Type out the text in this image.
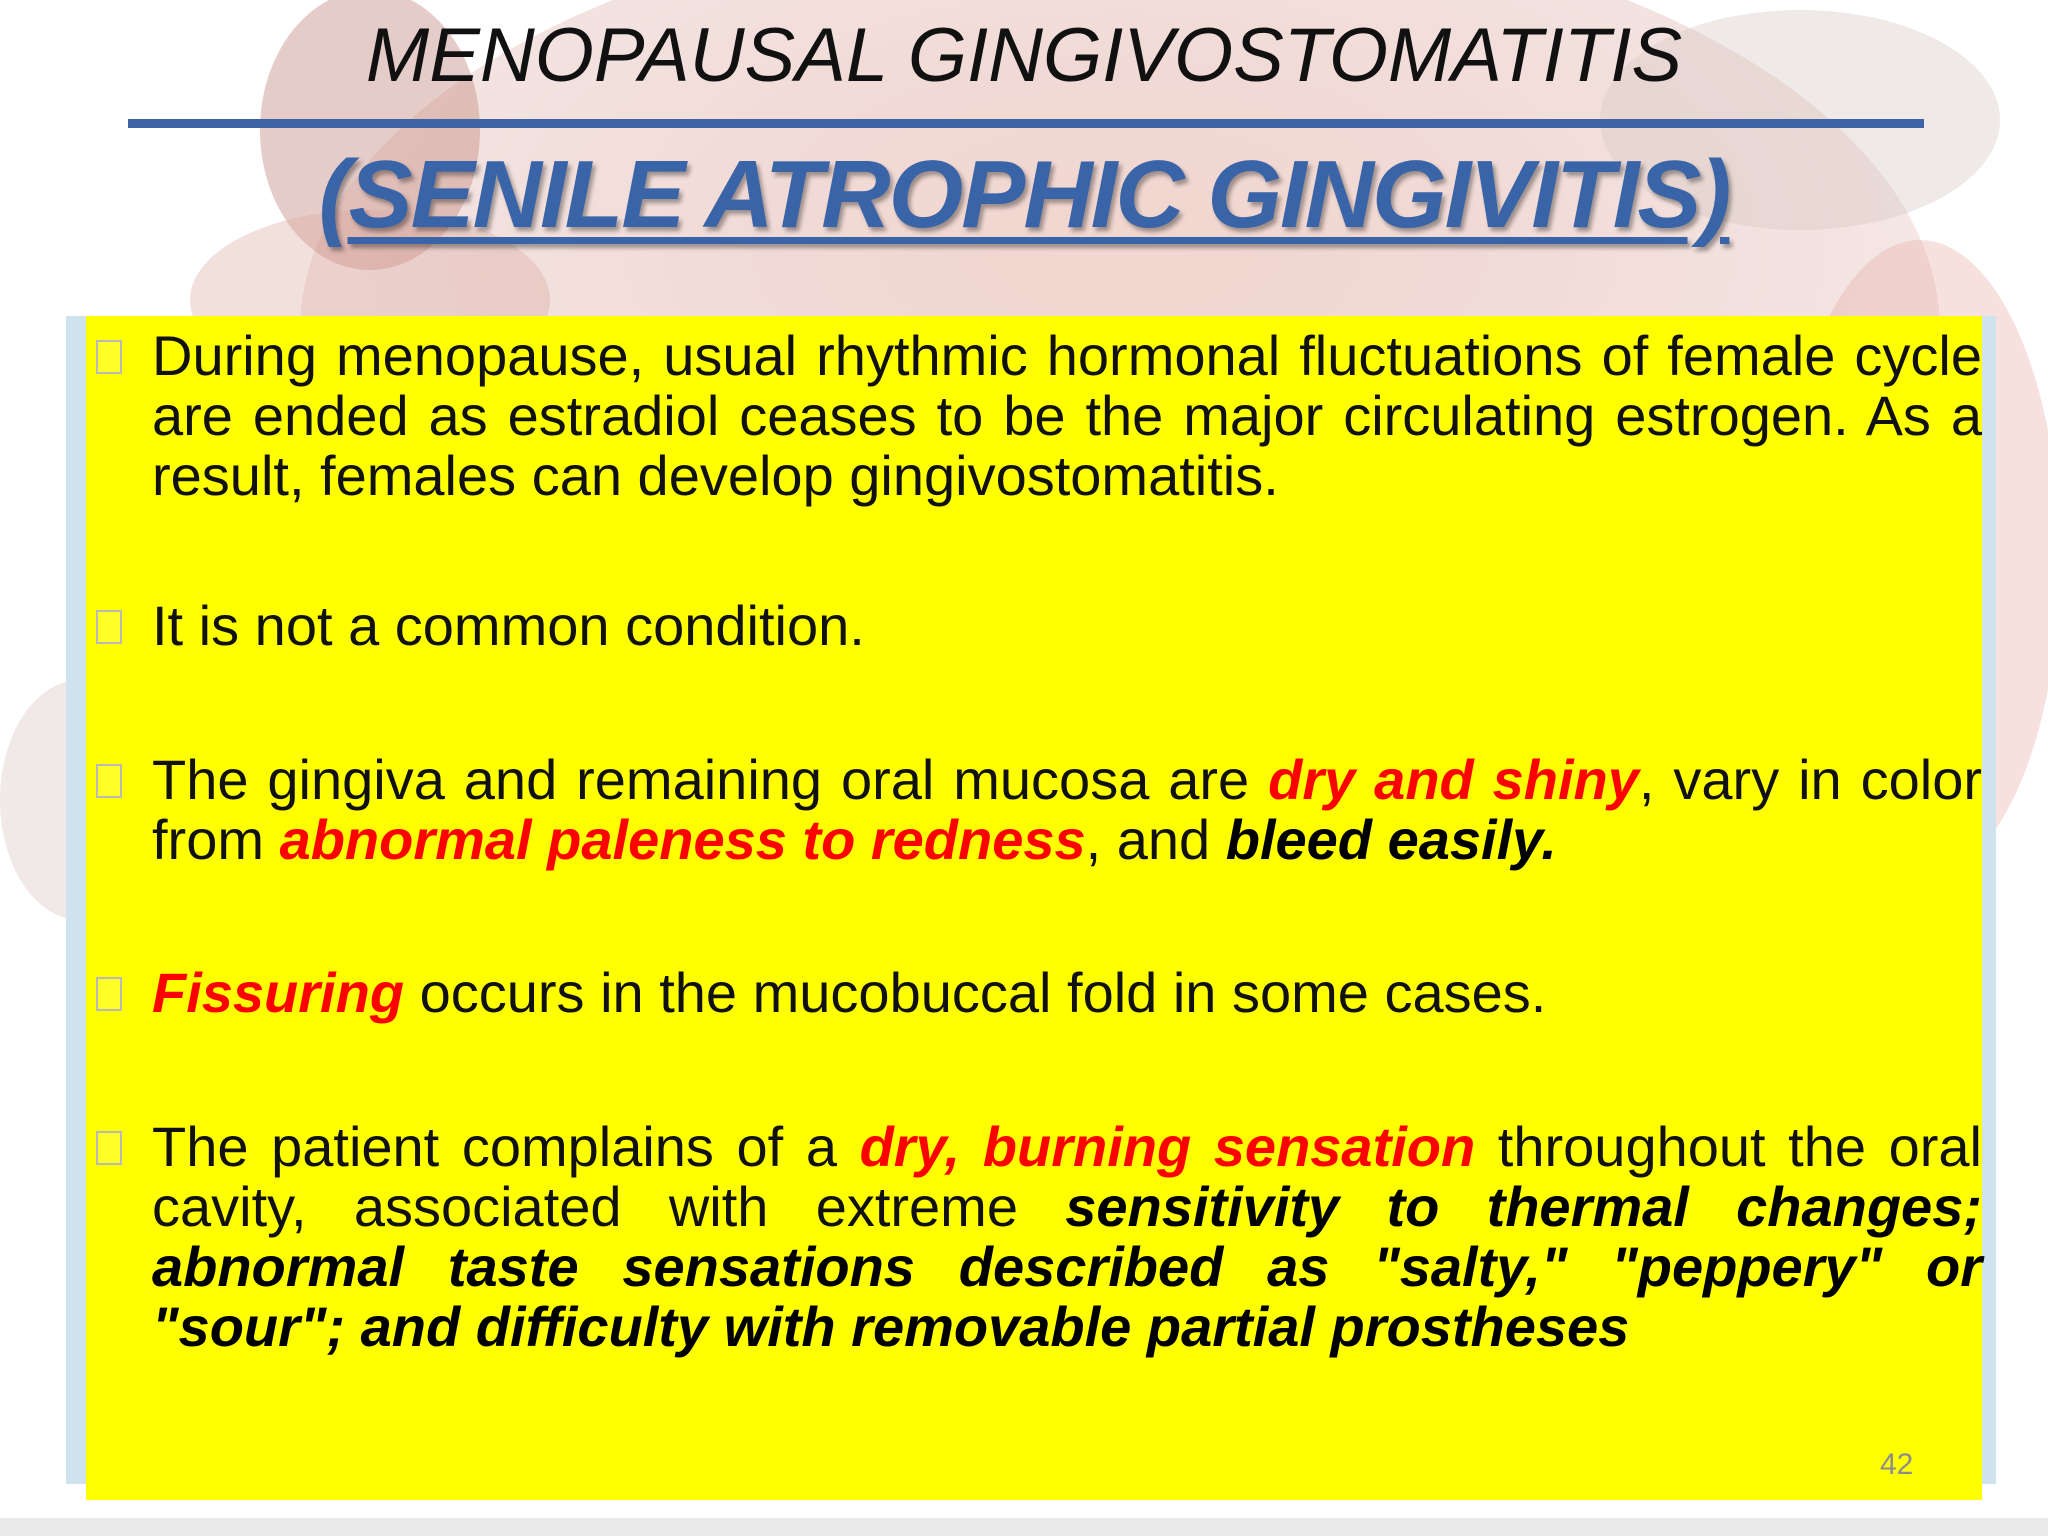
MENOPAUSAL GINGIVOSTOMATITIS
(SENILE ATROPHIC GINGIVITIS)
During menopause, usual rhythmic hormonal fluctuations of female cycle are ended as estradiol ceases to be the major circulating estrogen. As a result, females can develop gingivostomatitis.
It is not a common condition.
The gingiva and remaining oral mucosa are dry and shiny, vary in color from abnormal paleness to redness, and bleed easily.
Fissuring occurs in the mucobuccal fold in some cases.
The patient complains of a dry, burning sensation throughout the oral cavity, associated with extreme sensitivity to thermal changes; abnormal taste sensations described as "salty," "peppery" or "sour"; and difficulty with removable partial prostheses
42
